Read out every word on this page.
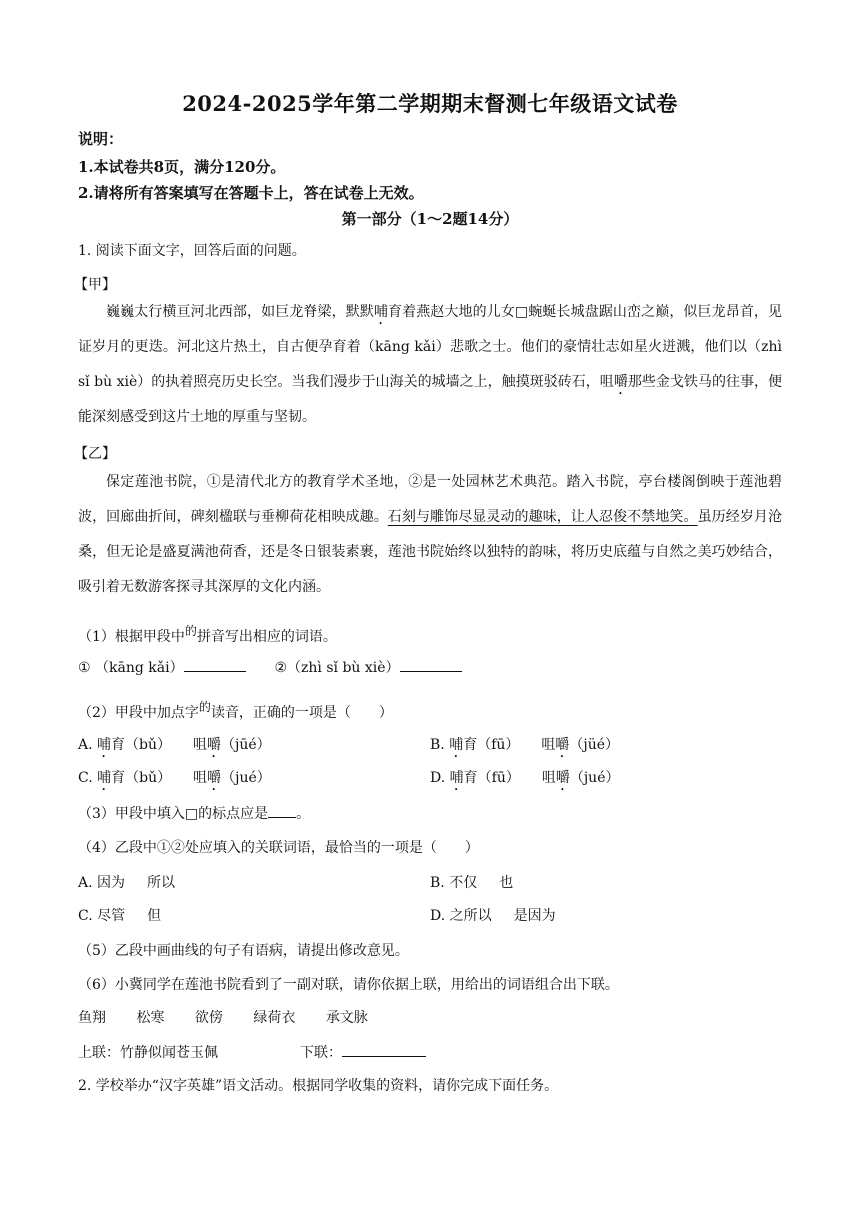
2024-2025学年第二学期期末督测七年级语文试卷
说明：
1.本试卷共8页，满分120分。
2.请将所有答案填写在答题卡上，答在试卷上无效。
第一部分（1～2题14分）
1. 阅读下面文字，回答后面的问题。
【甲】

巍巍太行横亘河北西部，如巨龙脊梁，默默哺育着燕赵大地的儿女□蜿蜒长城盘踞山峦之巅，似巨龙昂首，见证岁月的更迭。河北这片热土，自古便孕育着（kāng kǎi）悲歌之士。他们的豪情壮志如星火迸溅，他们以（zhì sǐ bù xiè）的执着照亮历史长空。当我们漫步于山海关的城墙之上，触摸斑驳砖石，咀嚼那些金戈铁马的往事，便能深刻感受到这片土地的厚重与坚韧。

【乙】

保定莲池书院，①是清代北方的教育学术圣地，②是一处园林艺术典范。踏入书院，亭台楼阁倒映于莲池碧波，回廊曲折间，碑刻楹联与垂柳荷花相映成趣。石刻与雕饰尽显灵动的趣味，让人忍俊不禁地笑。虽历经岁月沧桑，但无论是盛夏满池荷香，还是冬日银装素裹，莲池书院始终以独特的韵味，将历史底蕴与自然之美巧妙结合，吸引着无数游客探寻其深厚的文化内涵。

（1）根据甲段中$^的$拼音写出相应的词语。
① （kāng kǎi）	②（zhì sǐ bù xiè）
（2）甲段中加点字$^的$读音，正确的一项是（　　）
A. 哺育（bǔ） 咀嚼（jūé）	B. 哺育（fū） 咀嚼（jüé）
C. 哺育（bǔ） 咀嚼（jué）	D. 哺育（fū） 咀嚼（jué）
（3）甲段中填入□的标点应是 。
（4）乙段中①②处应填入的关联词语，最恰当的一项是（　　）
A. 因为 所以	B. 不仅 也
C. 尽管 但	D. 之所以 是因为
（5）乙段中画曲线的句子有语病，请提出修改意见。
（6）小冀同学在莲池书院看到了一副对联，请你依据上联，用给出的词语组合出下联。
鱼翔 松寒 欲傍 绿荷衣 承文脉
上联：竹静似闻苍玉佩	下联：
2. 学校举办“汉字英雄”语文活动。根据同学收集的资料，请你完成下面任务。
